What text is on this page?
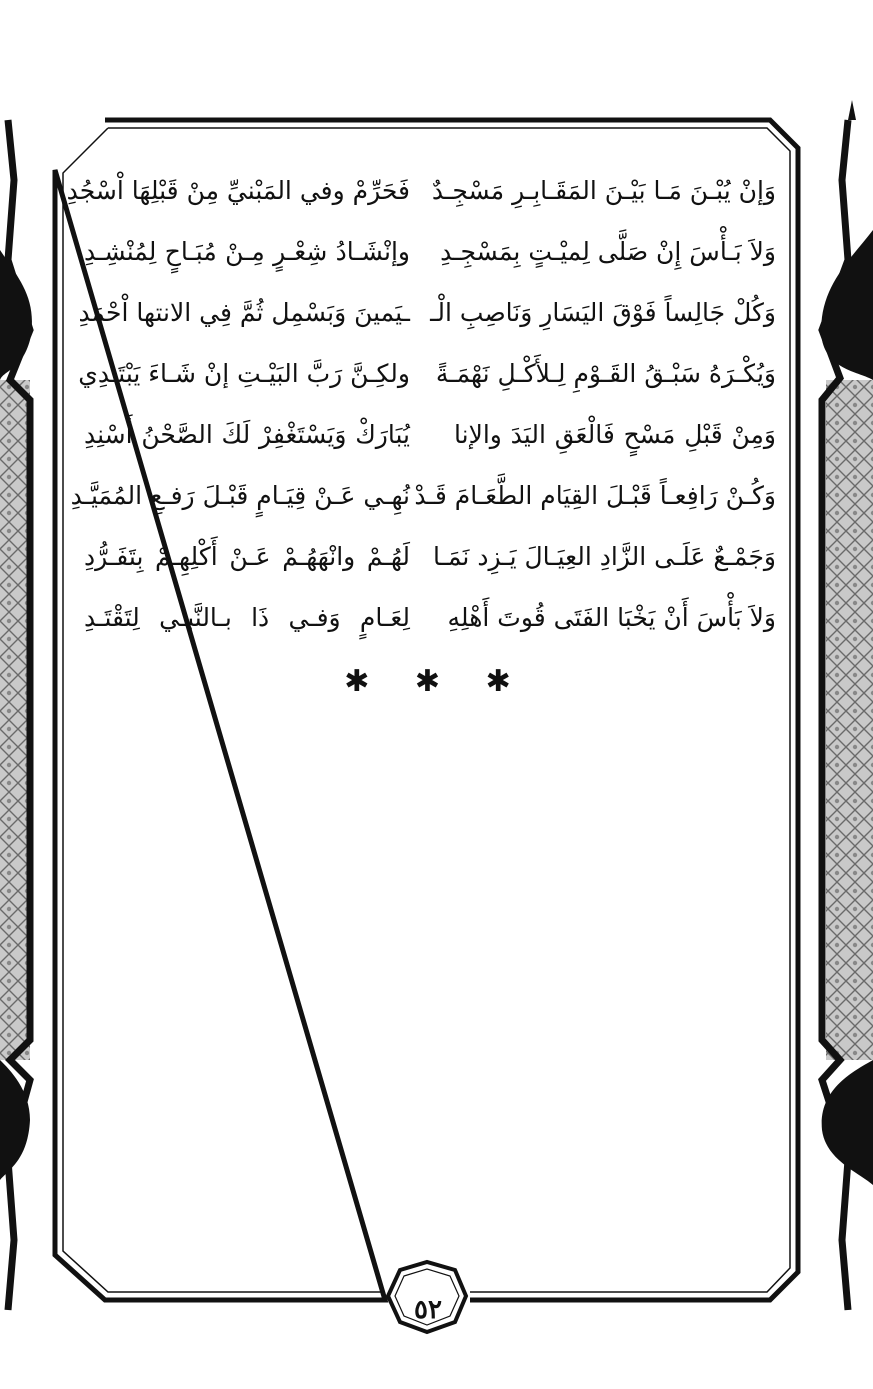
وَإنْ يُبْـنَ مَـا بَيْـنَ المَقَـابِـرِ مَسْجِـدٌ
فَحَرِّمْ وفي المَبْنيِّ مِنْ قَبْلِهَا اْسْجُدِ
وَلاَ بَـأْسَ إِنْ صَلَّى لِميْـتٍ بِمَسْجِـدِ
وإنْشَـادُ شِعْـرٍ مِـنْ مُبَـاحٍ لِمُنْشِـدِ
وَكُلْ جَالِساً فَوْقَ اليَسَارِ وَنَاصِبِ الْـ
ـيَمينَ وَبَسْمِل ثُمَّ فِي الانتها اْحْمَدِ
وَيُكْـرَهُ سَبْـقُ القَـوْمِ لِـلأَكْـلِ نَهْمَـةً
ولكِـنَّ رَبَّ البَيْـتِ إنْ شَـاءَ يَبْتَـدِي
وَمِنْ قَبْلِ مَسْحٍ فَالْعَقِ اليَدَ والإنا
يُبَارَكْ وَيَسْتَغْفِرْ لَكَ الصَّحْنُ أَسْنِدِ
وَكُـنْ رَافِعـاً قَبْـلَ القِيَام الطَّعَـامَ قَـدْ
نُهِـي عَـنْ قِيَـامٍ قَبْـلَ رَفـعِ المُمَيَّـدِ
وَجَمْـعٌ عَلَـى الزَّادِ العِيَـالَ يَـزِد نَمَـا
لَهُـمْ وانْهَهُـمْ عَـنْ أَكْلِهِـمْ بِتَفَـرُّدِ
وَلاَ بَأْسَ أَنْ يَخْبَا الفَتَى قُوتَ أَهْلِهِ
لِعَـامٍ وَفـي ذَا بـالنَّبـي لِتَقْتَـدِ
✱ ✱ ✱
٥٢
